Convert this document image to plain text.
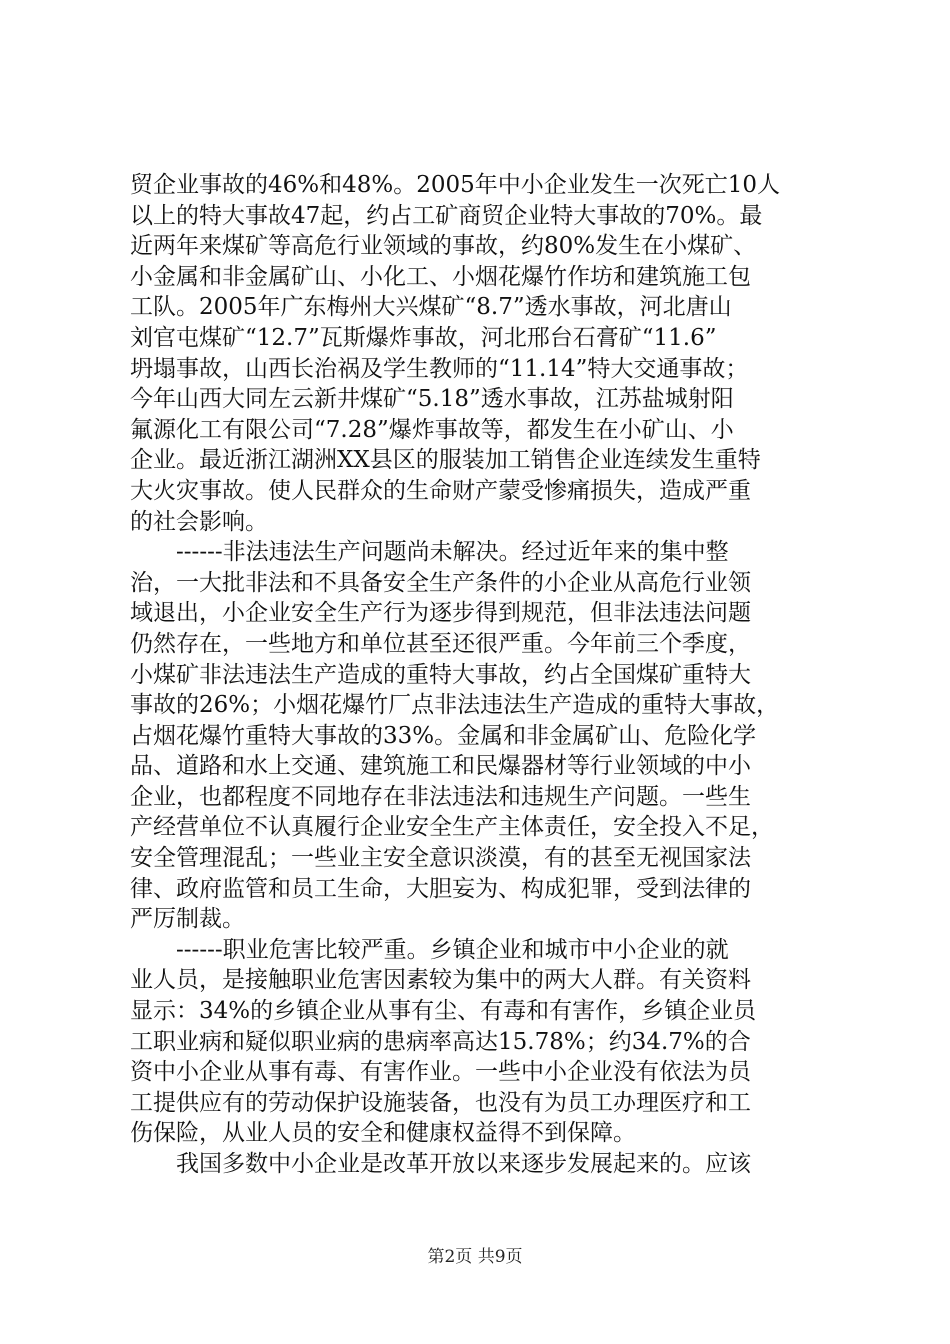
贸企业事故的46%和48%。2005年中小企业发生一次死亡10人
以上的特大事故47起，约占工矿商贸企业特大事故的70%。最
近两年来煤矿等高危行业领域的事故，约80%发生在小煤矿、
小金属和非金属矿山、小化工、小烟花爆竹作坊和建筑施工包
工队。2005年广东梅州大兴煤矿“8.7”透水事故，河北唐山
刘官屯煤矿“12.7”瓦斯爆炸事故，河北邢台石膏矿“11.6”
坍塌事故，山西长治祸及学生教师的“11.14”特大交通事故；
今年山西大同左云新井煤矿“5.18”透水事故，江苏盐城射阳
氟源化工有限公司“7.28”爆炸事故等，都发生在小矿山、小
企业。最近浙江湖洲XX县区的服装加工销售企业连续发生重特
大火灾事故。使人民群众的生命财产蒙受惨痛损失，造成严重
的社会影响。
　　------非法违法生产问题尚未解决。经过近年来的集中整
治，一大批非法和不具备安全生产条件的小企业从高危行业领
域退出，小企业安全生产行为逐步得到规范，但非法违法问题
仍然存在，一些地方和单位甚至还很严重。今年前三个季度，
小煤矿非法违法生产造成的重特大事故，约占全国煤矿重特大
事故的26%；小烟花爆竹厂点非法违法生产造成的重特大事故，
占烟花爆竹重特大事故的33%。金属和非金属矿山、危险化学
品、道路和水上交通、建筑施工和民爆器材等行业领域的中小
企业，也都程度不同地存在非法违法和违规生产问题。一些生
产经营单位不认真履行企业安全生产主体责任，安全投入不足，
安全管理混乱；一些业主安全意识淡漠，有的甚至无视国家法
律、政府监管和员工生命，大胆妄为、构成犯罪，受到法律的
严厉制裁。
　　------职业危害比较严重。乡镇企业和城市中小企业的就
业人员，是接触职业危害因素较为集中的两大人群。有关资料
显示：34%的乡镇企业从事有尘、有毒和有害作，乡镇企业员
工职业病和疑似职业病的患病率高达15.78%；约34.7%的合
资中小企业从事有毒、有害作业。一些中小企业没有依法为员
工提供应有的劳动保护设施装备，也没有为员工办理医疗和工
伤保险，从业人员的安全和健康权益得不到保障。
　　我国多数中小企业是改革开放以来逐步发展起来的。应该
第2页 共9页
